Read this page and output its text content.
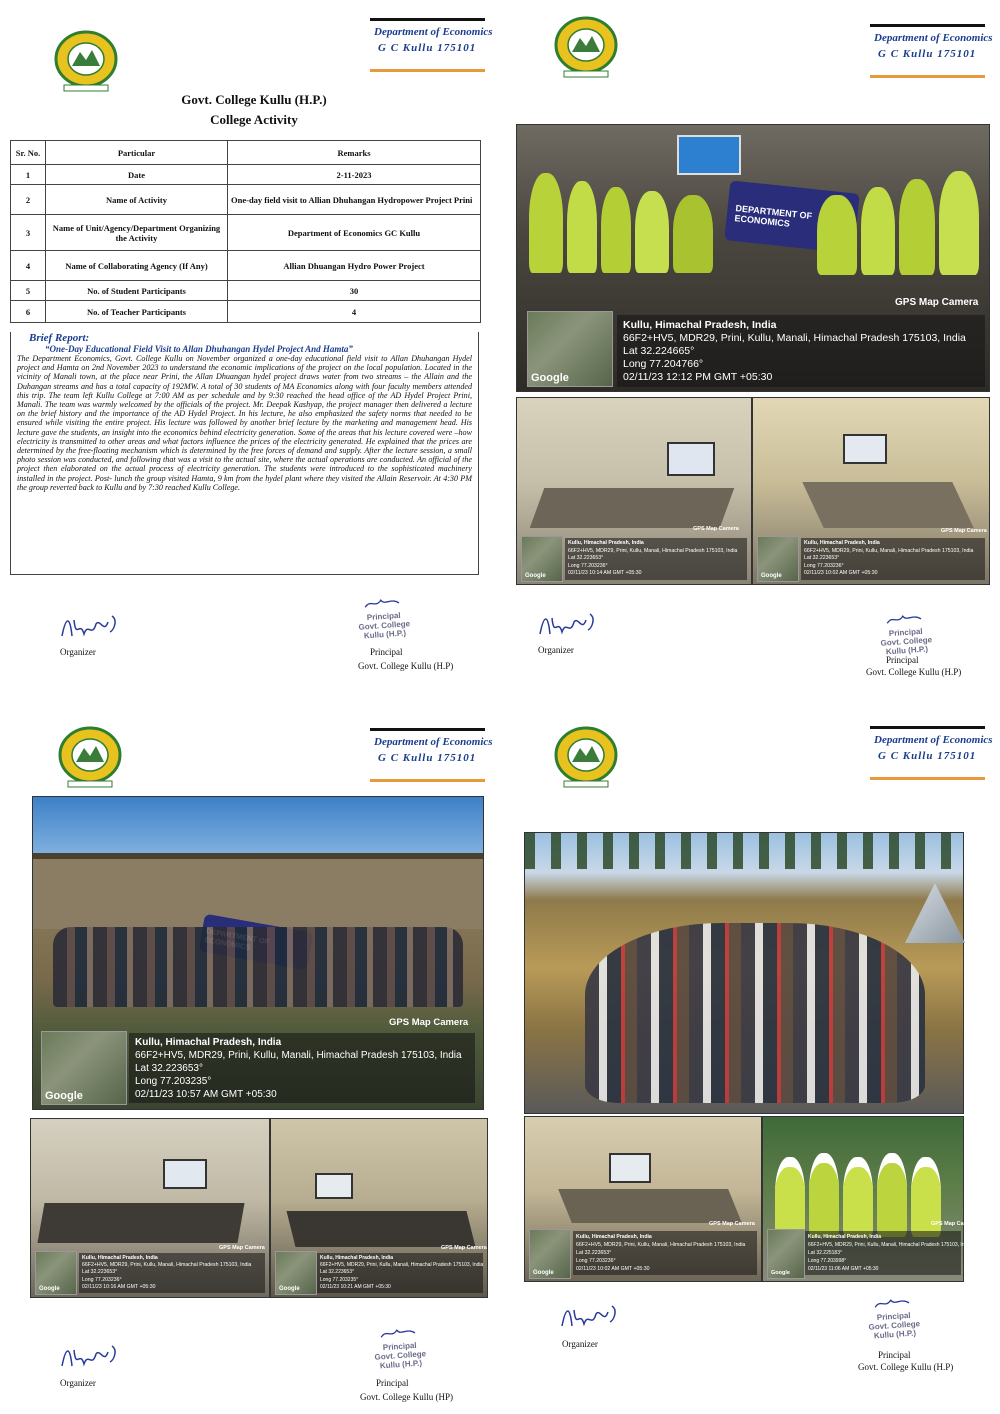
Department of Economics
G C Kullu 175101
Govt. College Kullu (H.P.)
College Activity
Sr. No.	Particular	Remarks
1	Date	2-11-2023
2	Name of Activity	One-day field visit to Allian Dhuhangan Hydropower Project Prini
3	Name of Unit/Agency/Department Organizing the Activity	Department of Economics GC Kullu
4	Name of Collaborating Agency (If Any)	Allian Dhuangan Hydro Power Project
5	No. of Student Participants	30
6	No. of Teacher Participants	4
Brief Report:
“One-Day Educational Field Visit to Allan Dhuhangan Hydel Project And Hamta”
The Department Economics, Govt. College Kullu on November organized a one-day educational field visit to Allan Dhuhangan Hydel project and Hamta on 2nd November 2023 to understand the economic implications of the project on the local population. Located in the vicinity of Manali town, at the place near Prini, the Allan Dhuangan hydel project draws water from two streams – the Allain and the Duhangan streams and has a total capacity of 192MW. A total of 30 students of MA Economics along with four faculty members attended this trip. The team left Kullu College at 7:00 AM as per schedule and by 9:30 reached the head office of the AD Hydel Project Prini, Manali. The team was warmly welcomed by the officials of the project. Mr. Deepak Kashyap, the project manager then delivered a lecture on the brief history and the importance of the AD Hydel Project. In his lecture, he also emphasized the safety norms that needed to be ensured while visiting the entire project. His lecture was followed by another brief lecture by the marketing and management head. His lecture gave the students, an insight into the economics behind electricity generation. Some of the areas that his lecture covered were –how electricity is transmitted to other areas and what factors influence the prices of the electricity generated. He explained that the prices are determined by the free-floating mechanism which is determined by the free forces of demand and supply. After the lecture session, a small photo session was conducted, and following that was a visit to the actual site, where the actual operations are conducted. An official of the project then elaborated on the actual process of electricity generation. The students were introduced to the sophisticated machinery installed in the project. Post- lunch the group visited Hamta, 9 km from the hydel plant where they visited the Allain Reservoir. At 4:30 PM the group reverted back to Kullu and by 7:30 reached Kullu College.
Organizer

Principal
Govt. College
Kullu (H.P.)
Principal
Govt. College Kullu (H.P)
Department of Economics
G C Kullu 175101
DEPARTMENT OF ECONOMICS
GPS Map Camera
Google
Kullu, Himachal Pradesh, India
66F2+HV5, MDR29, Prini, Kullu, Manali, Himachal Pradesh 175103, India
Lat 32.224665°
Long 77.204766°
02/11/23 12:12 PM GMT +05:30
GPS Map Camera
Google
Kullu, Himachal Pradesh, India
66F2+HV5, MDR29, Prini, Kullu, Manali, Himachal Pradesh 175103, India
Lat 32.223653°
Long 77.203236°
02/11/23 10:14 AM GMT +05:30
GPS Map Camera
Google
Kullu, Himachal Pradesh, India
66F2+HV5, MDR29, Prini, Kullu, Manali, Himachal Pradesh 175103, India
Lat 32.223653°
Long 77.203236°
02/11/23 10:02 AM GMT +05:30
Organizer

Principal
Govt. College
Kullu (H.P.)
Principal
Govt. College Kullu (H.P)
Department of Economics
G C Kullu 175101
GPS Map Camera
Google
Kullu, Himachal Pradesh, India
66F2+HV5, MDR29, Prini, Kullu, Manali, Himachal Pradesh 175103, India
Lat 32.223653°
Long 77.203235°
02/11/23 10:57 AM GMT +05:30
GPS Map Camera
Google
Kullu, Himachal Pradesh, India
66F2+HV5, MDR29, Prini, Kullu, Manali, Himachal Pradesh 175103, India
Lat 32.223653°
Long 77.203236°
02/11/23 10:16 AM GMT +05:30
GPS Map Camera
Google
Kullu, Himachal Pradesh, India
66F2+HV5, MDR29, Prini, Kullu, Manali, Himachal Pradesh 175103, India
Lat 32.223653°
Long 77.203235°
02/11/23 10:21 AM GMT +05:30
Organizer

Principal
Govt. College
Kullu (H.P.)
Principal
Govt. College Kullu (HP)
Department of Economics
G C Kullu 175101
GPS Map Camera
Google
Kullu, Himachal Pradesh, India
66F2+HV5, MDR29, Prini, Kullu, Manali, Himachal Pradesh 175103, India
Lat 32.223653°
Long 77.203236°
02/11/23 10:02 AM GMT +05:30
GPS Map Camera
Google
Kullu, Himachal Pradesh, India
66F2+HV5, MDR29, Prini, Kullu, Manali, Himachal Pradesh 175103, India
Lat 32.225183°
Long 77.203998°
02/11/23 11:06 AM GMT +05:30
Organizer

Principal
Govt. College
Kullu (H.P.)
Principal
Govt. College Kullu (H.P)
